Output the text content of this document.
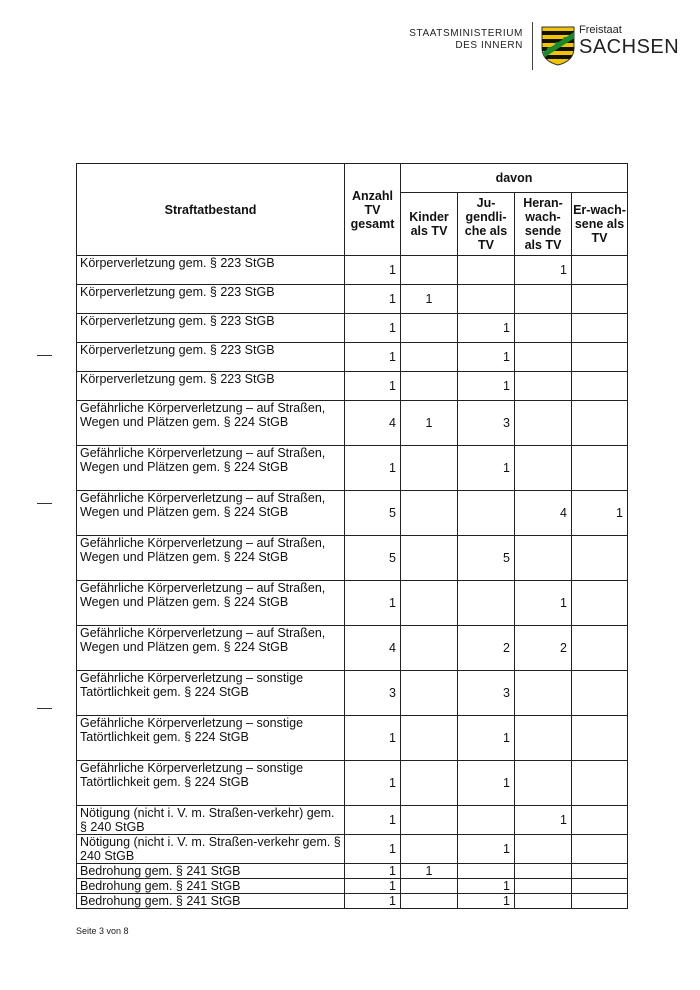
STAATSMINISTERIUM
DES INNERN
Freistaat
SACHSEN
Straftatbestand	Anzahl TV gesamt	davon			
		Kinder als TV	Ju-gendli-che als TV	Heran-wach-sende als TV	Er-wach-sene als TV
Körperverletzung gem. § 223 StGB	1			1	
Körperverletzung gem. § 223 StGB	1	1			
Körperverletzung gem. § 223 StGB	1		1		
Körperverletzung gem. § 223 StGB	1		1		
Körperverletzung gem. § 223 StGB	1		1		
Gefährliche Körperverletzung – auf Straßen, Wegen und Plätzen gem. § 224 StGB	4	1	3		
Gefährliche Körperverletzung – auf Straßen, Wegen und Plätzen gem. § 224 StGB	1		1		
Gefährliche Körperverletzung – auf Straßen, Wegen und Plätzen gem. § 224 StGB	5			4	1
Gefährliche Körperverletzung – auf Straßen, Wegen und Plätzen gem. § 224 StGB	5		5		
Gefährliche Körperverletzung – auf Straßen, Wegen und Plätzen gem. § 224 StGB	1			1	
Gefährliche Körperverletzung – auf Straßen, Wegen und Plätzen gem. § 224 StGB	4		2	2	
Gefährliche Körperverletzung – sonstige Tatörtlichkeit gem. § 224 StGB	3		3		
Gefährliche Körperverletzung – sonstige Tatörtlichkeit gem. § 224 StGB	1		1		
Gefährliche Körperverletzung – sonstige Tatörtlichkeit gem. § 224 StGB	1		1		
Nötigung (nicht i. V. m. Straßen-verkehr) gem. § 240 StGB	1			1	
Nötigung (nicht i. V. m. Straßen-verkehr gem. § 240 StGB	1		1		
Bedrohung gem. § 241 StGB	1	1			
Bedrohung gem. § 241 StGB	1		1		
Bedrohung gem. § 241 StGB	1		1		
Seite 3 von 8
